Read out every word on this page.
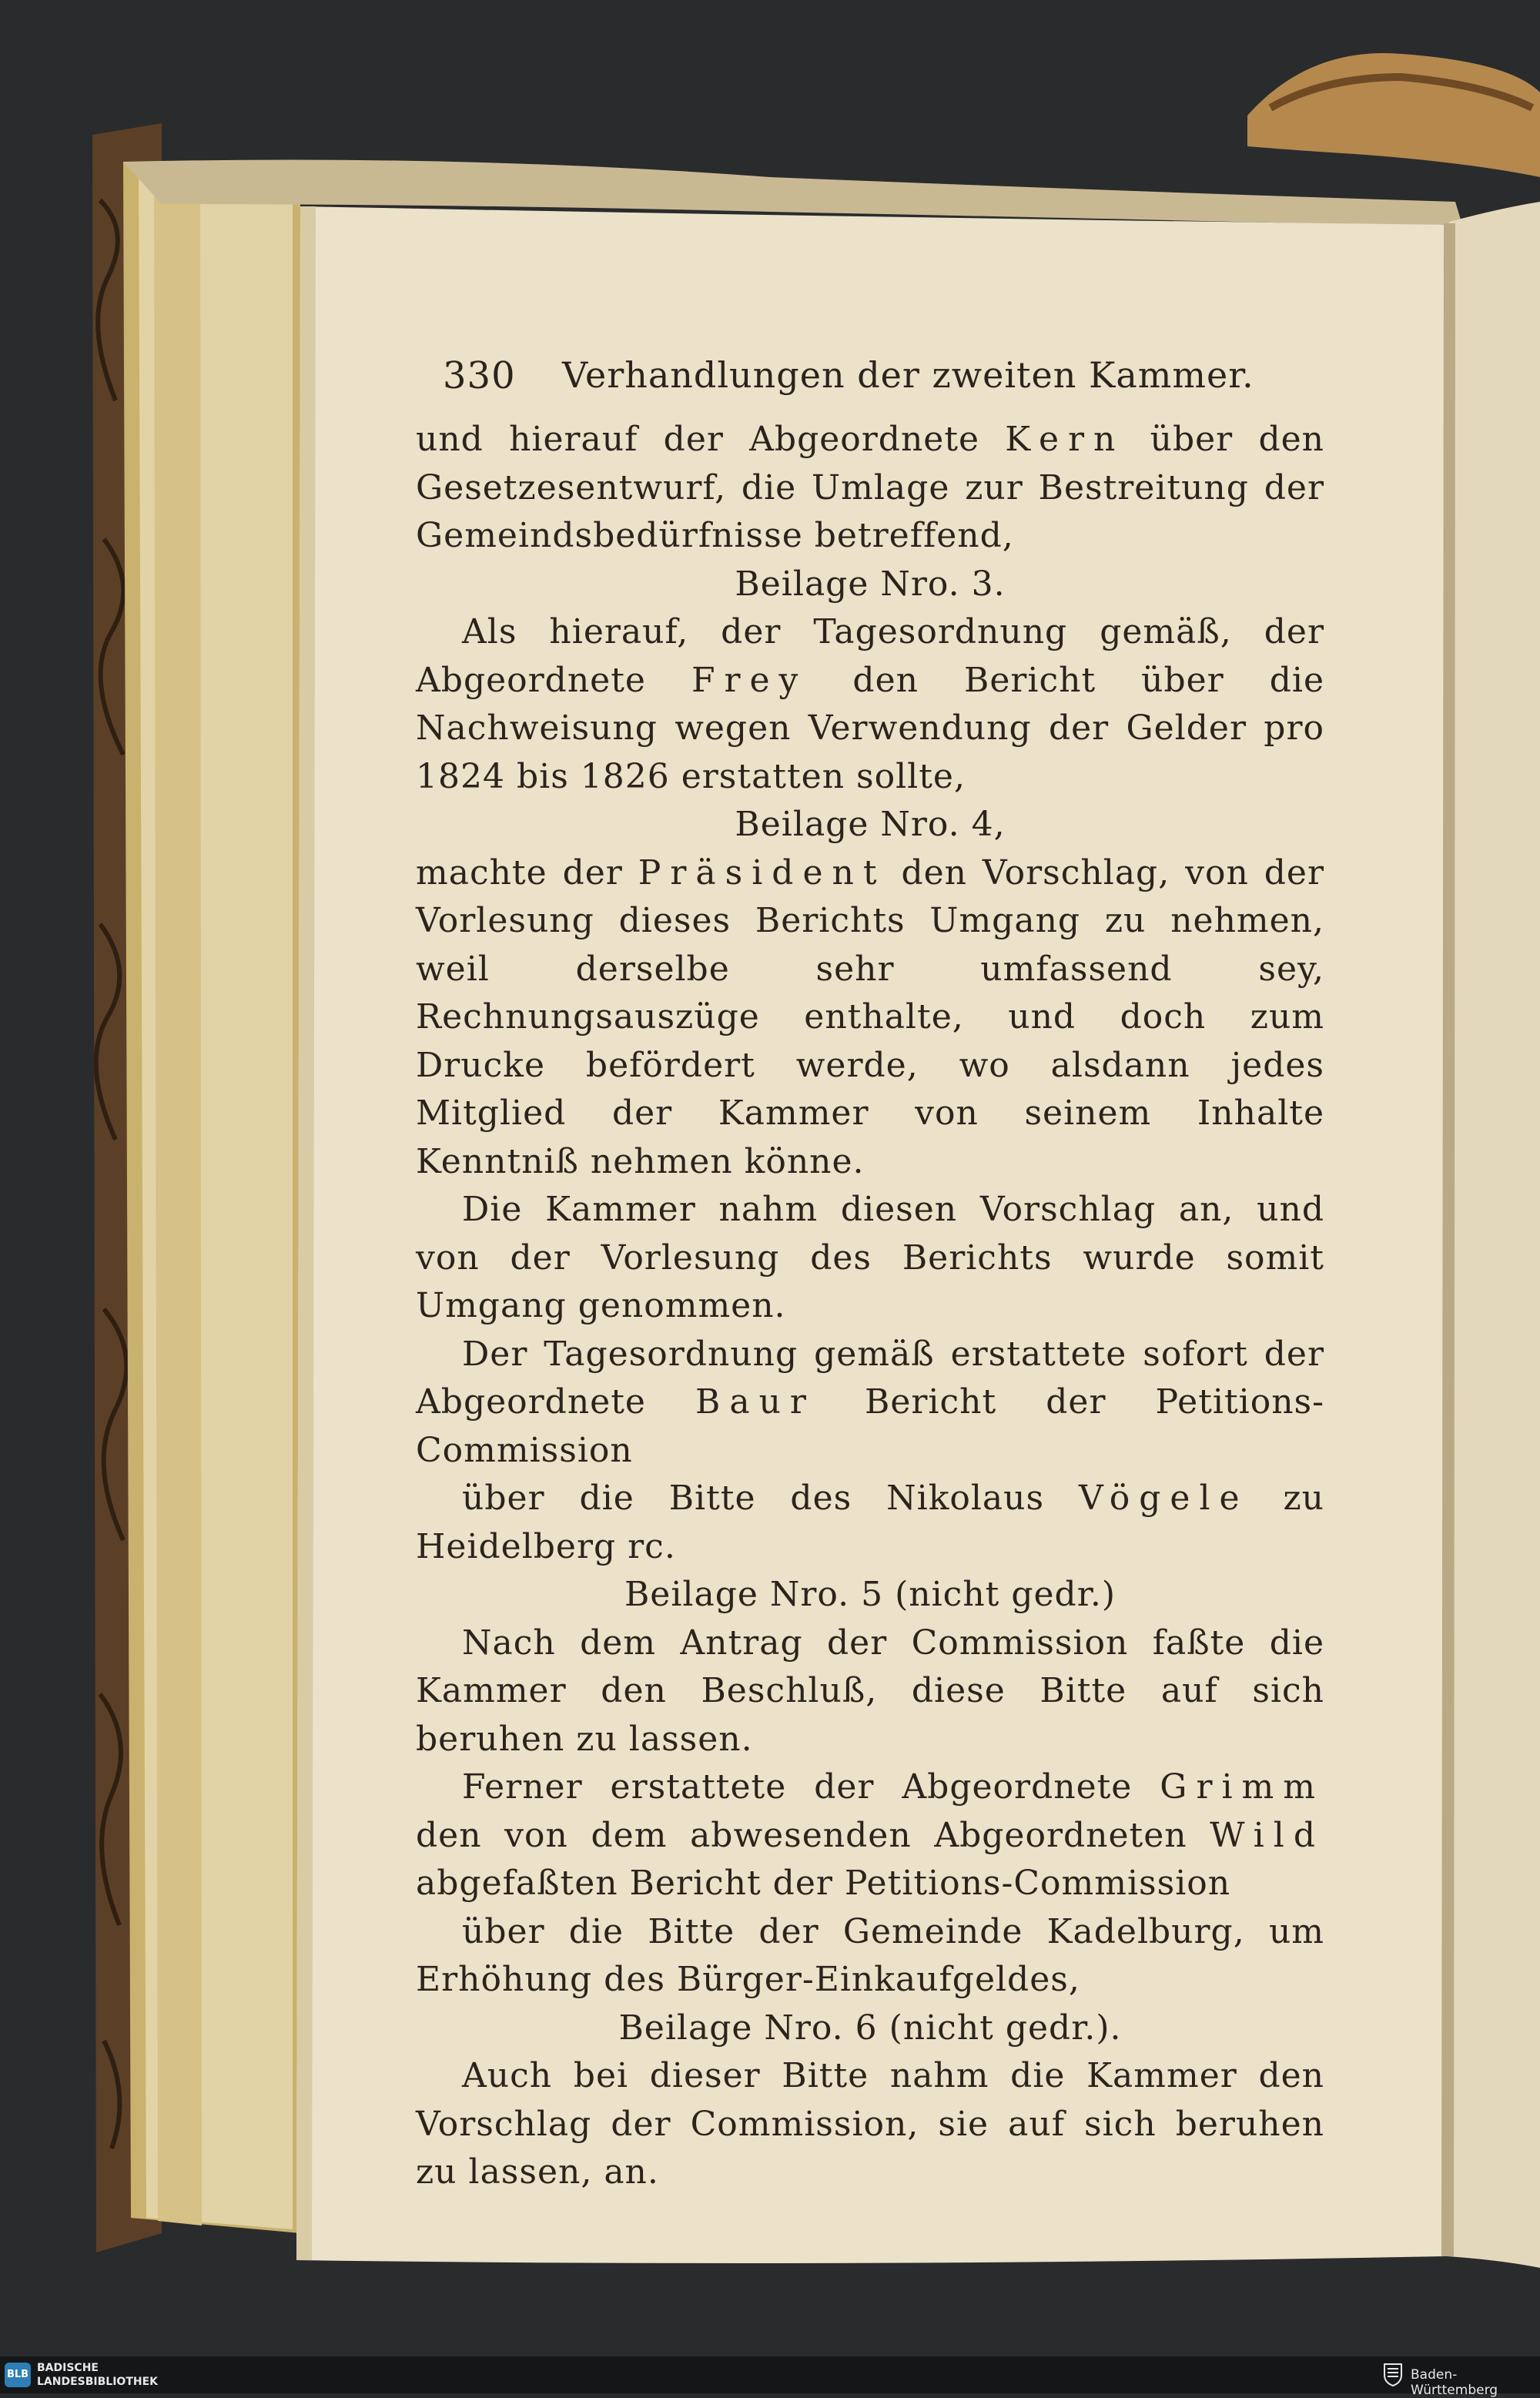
330 Verhandlungen der zweiten Kammer.

und hierauf der Abgeordnete Kern über den Gesetzesentwurf, die Umlage zur Bestreitung der Gemeindsbedürfnisse betreffend,

Beilage Nro. 3.

Als hierauf, der Tagesordnung gemäß, der Abgeordnete Frey den Bericht über die Nachweisung wegen Verwendung der Gelder pro 1824 bis 1826 erstatten sollte,

Beilage Nro. 4,

machte der Präsident den Vorschlag, von der Vorlesung dieses Berichts Umgang zu nehmen, weil derselbe sehr umfassend sey, Rechnungsauszüge enthalte, und doch zum Drucke befördert werde, wo alsdann jedes Mitglied der Kammer von seinem Inhalte Kenntniß nehmen könne.

Die Kammer nahm diesen Vorschlag an, und von der Vorlesung des Berichts wurde somit Umgang genommen.

Der Tagesordnung gemäß erstattete sofort der Abgeordnete Baur Bericht der Petitions-Commission

über die Bitte des Nikolaus Vögele zu Heidelberg rc.

Beilage Nro. 5 (nicht gedr.)

Nach dem Antrag der Commission faßte die Kammer den Beschluß, diese Bitte auf sich beruhen zu lassen.

Ferner erstattete der Abgeordnete Grimm den von dem abwesenden Abgeordneten Wild abgefaßten Bericht der Petitions-Commission

über die Bitte der Gemeinde Kadelburg, um Erhöhung des Bürger-Einkaufgeldes,

Beilage Nro. 6 (nicht gedr.).

Auch bei dieser Bitte nahm die Kammer den Vorschlag der Commission, sie auf sich beruhen zu lassen, an.

BLB
BADISCHE
LANDESBIBLIOTHEK	Baden-Württemberg
